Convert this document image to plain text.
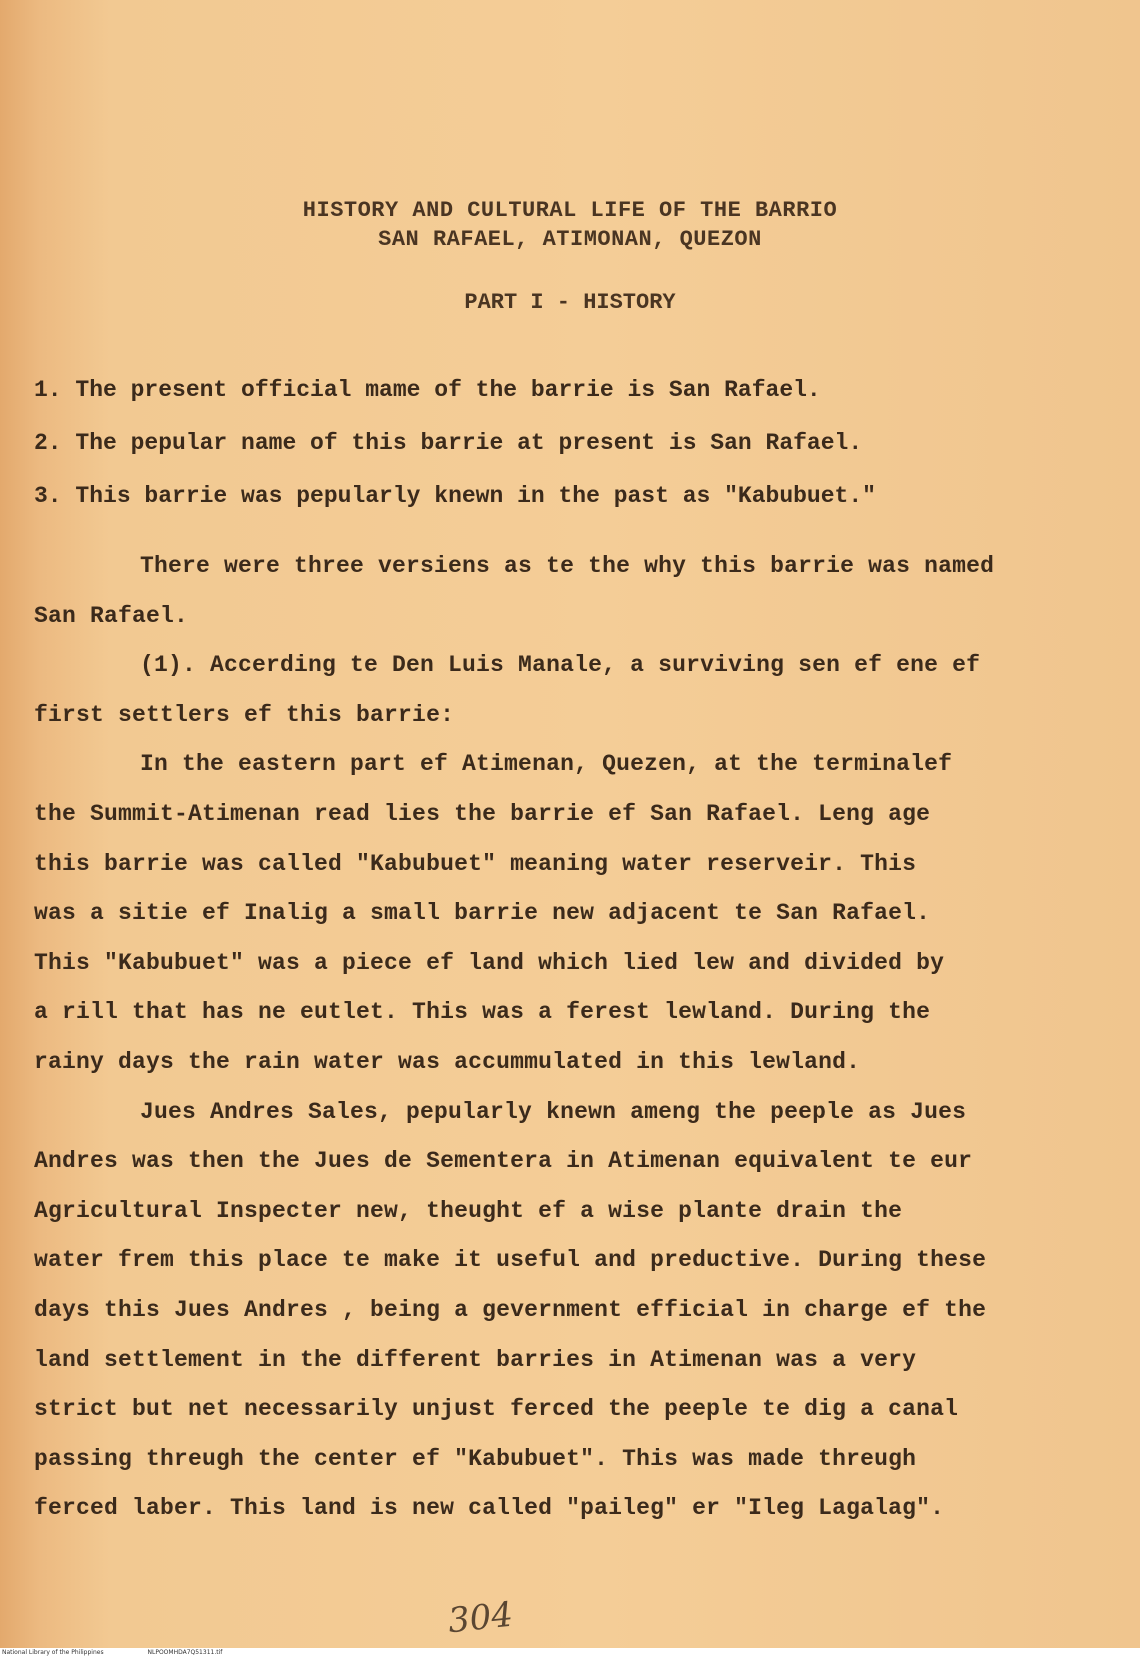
HISTORY AND CULTURAL LIFE OF THE BARRIO
SAN RAFAEL, ATIMONAN, QUEZON
PART I - HISTORY
1. The present official mame of the barrie is San Rafael.
2. The pepular name of this barrie at present is San Rafael.
3. This barrie was pepularly knewn in the past as "Kabubuet."
There were three versiens as te the why this barrie was named
San Rafael.
(1). Accerding te Den Luis Manale, a surviving sen ef ene ef
first settlers ef this barrie:
In the eastern part ef Atimenan, Quezen, at the terminalef
the Summit-Atimenan read lies the barrie ef San Rafael. Leng age
this barrie was called "Kabubuet" meaning water reserveir. This
was a sitie ef Inalig a small barrie new adjacent te San Rafael.
This "Kabubuet" was a piece ef land which lied lew and divided by
a rill that has ne eutlet. This was a ferest lewland. During the
rainy days the rain water was accummulated in this lewland.
Jues Andres Sales, pepularly knewn ameng the peeple as Jues
Andres was then the Jues de Sementera in Atimenan equivalent te eur
Agricultural Inspecter new, theught ef a wise plante drain the
water frem this place te make it useful and preductive. During these
days this Jues Andres , being a gevernment efficial in charge ef the
land settlement in the different barries in Atimenan was a very
strict but net necessarily unjust ferced the peeple te dig a canal
passing threugh the center ef "Kabubuet". This was made threugh
ferced laber. This land is new called "paileg" er "Ileg Lagalag".
304
National Library of the Philippines	NLPOOMHDA7Q51311.tif
